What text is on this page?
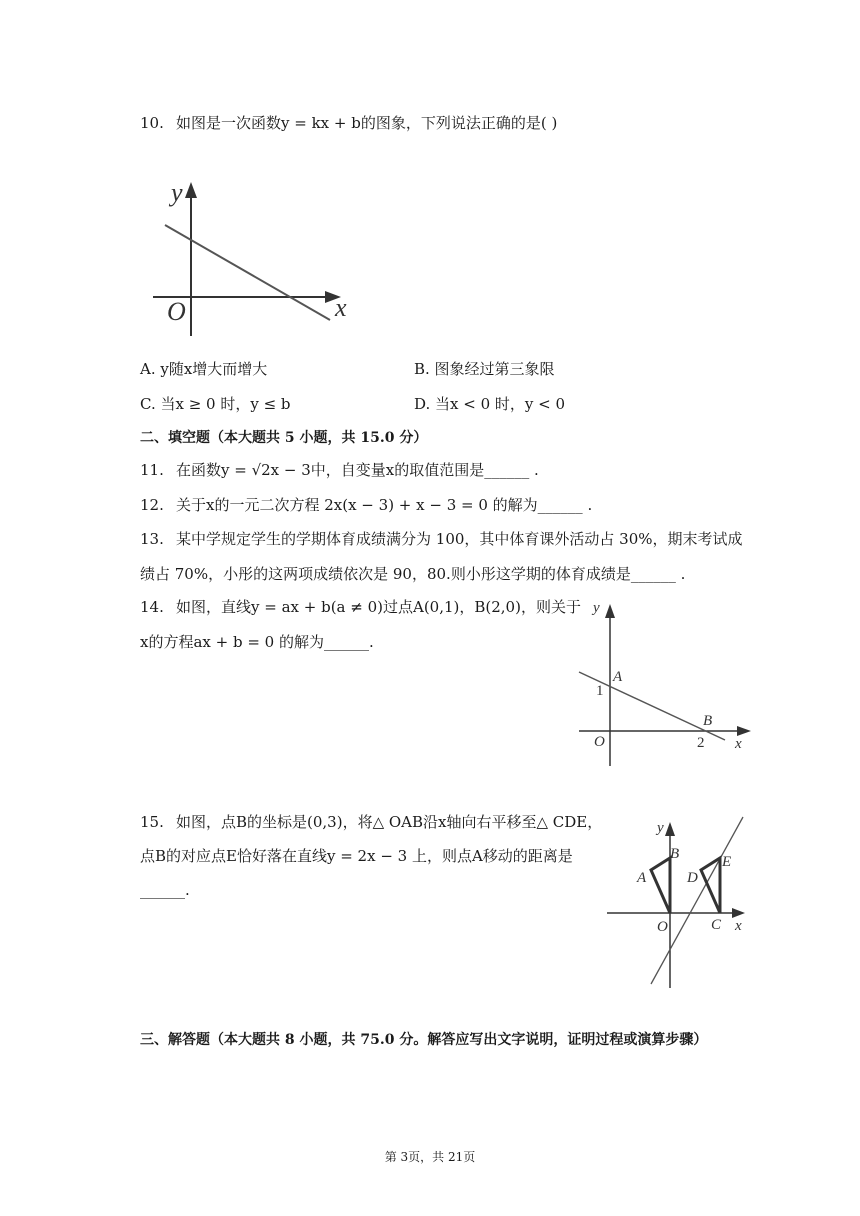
10. 如图是一次函数y = kx + b的图象，下列说法正确的是( )
y
x
O
A. y随x增大而增大	B. 图象经过第三象限
C. 当x ≥ 0 时，y ≤ b	D. 当x < 0 时，y < 0
二、填空题（本大题共 5 小题，共 15.0 分）
11. 在函数y = √2x − 3中，自变量x的取值范围是______ .
12. 关于x的一元二次方程 2x(x − 3) + x − 3 = 0 的解为______ .
13. 某中学规定学生的学期体育成绩满分为 100，其中体育课外活动占 30%，期末考试成
绩占 70%，小彤的这两项成绩依次是 90，80.则小彤这学期的体育成绩是______ .
14. 如图，直线y = ax + b(a ≠ 0)过点A(0,1)，B(2,0)，则关于
x的方程ax + b = 0 的解为______.
y
x
O
A
B
1
2
15. 如图，点B的坐标是(0,3)，将△ OAB沿x轴向右平移至△ CDE，
点B的对应点E恰好落在直线y = 2x − 3 上，则点A移动的距离是
______.
y
x
O
A
B
C
D
E
三、解答题（本大题共 8 小题，共 75.0 分。解答应写出文字说明，证明过程或演算步骤）
第 3页，共 21页
